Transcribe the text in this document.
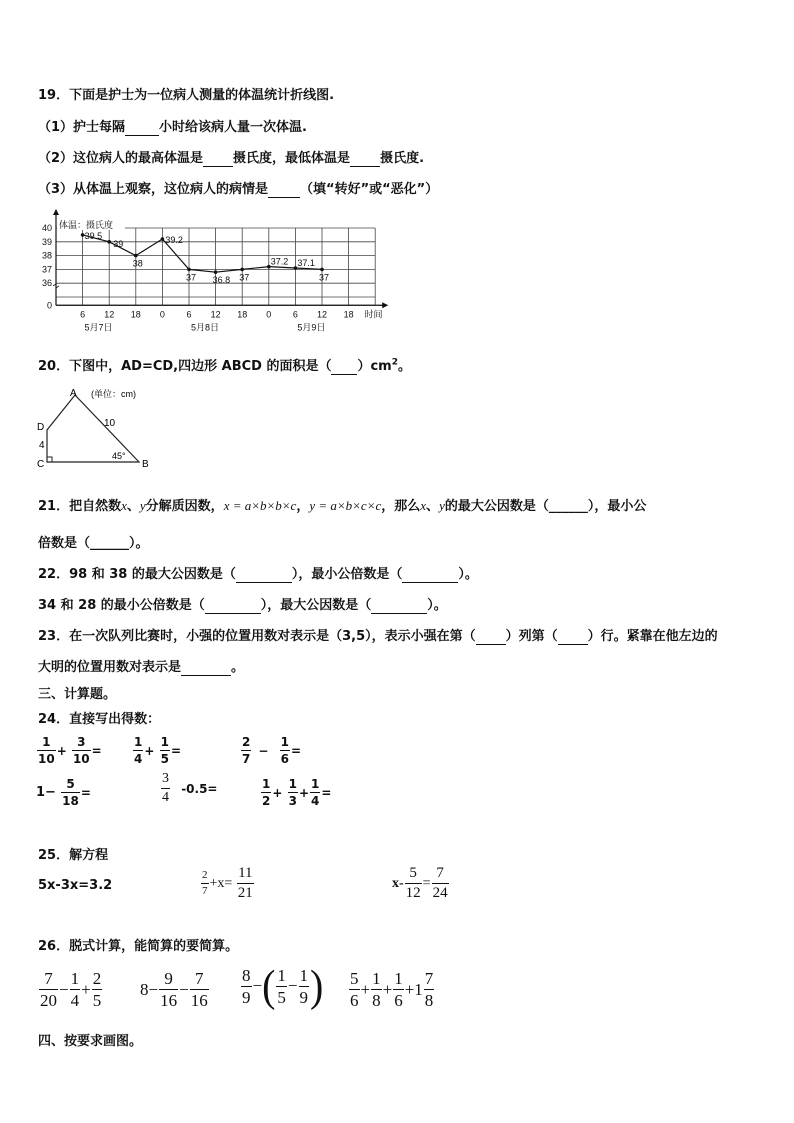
19．下面是护士为一位病人测量的体温统计折线图.
（1）护士每隔	小时给该病人量一次体温.
（2）这位病人的最高体温是 摄氏度，最低体温是 摄氏度.
（3）从体温上观察，这位病人的病情是 （填“转好”或“恶化”）
0
36
37
38
39
40 体温：摄氏度
6 12 18 0 6 12 18 0 6 12 18 时间
5月7日	5月8日	5月9日
39.5
39
38
39.2
37 36.8 37
37.2 37.1
37
20．下图中，AD=CD,四边形 ABCD 的面积是（ ）$cm^2$。
A
B
C
D	10
4
45°
(单位：cm)
21．把自然数x、y分解质因数，x = a×b×b×c，y = a×b×c×c，那么x、y的最大公因数是（______），最小公
倍数是（______）。
22．98 和 38 的最大公因数是（	），最小公倍数是（	）。
34 和 28 的最小公倍数是（	），最大公因数是（	）。
23．在一次队列比赛时，小强的位置用数对表示是（3,5），表示小强在第（ ）列第（ ）行。紧靠在他左边的
大明的位置用数对表示是	。
三、计算题。
24．直接写出得数：
$\frac{1}{10} + \frac{3}{10}$ =	$\frac{1}{4} + \frac{1}{5}$ =	$\frac{2}{7} - \frac{1}{6}$ =
$1- \frac{5}{18}$ =	$\frac{3}{4} -0.5=$	$\frac{1}{2} + \frac{1}{3} + \frac{1}{4}$ =
25．解方程
5x-3x=3.2	$\frac{2}{7} +x= \frac{11}{21}$	$x- \frac{5}{12} = \frac{7}{24}$
26．脱式计算，能简算的要简算。
$\frac{7}{20} - \frac{1}{4} + \frac{2}{5} 8- \frac{9}{16} - \frac{7}{16} \frac{8}{9}$ −( $\frac{1}{5} - \frac{1}{9}$ ) $\frac{5}{6} + \frac{1}{8} + \frac{1}{6} +1 \frac{7}{8}$
四、按要求画图。
